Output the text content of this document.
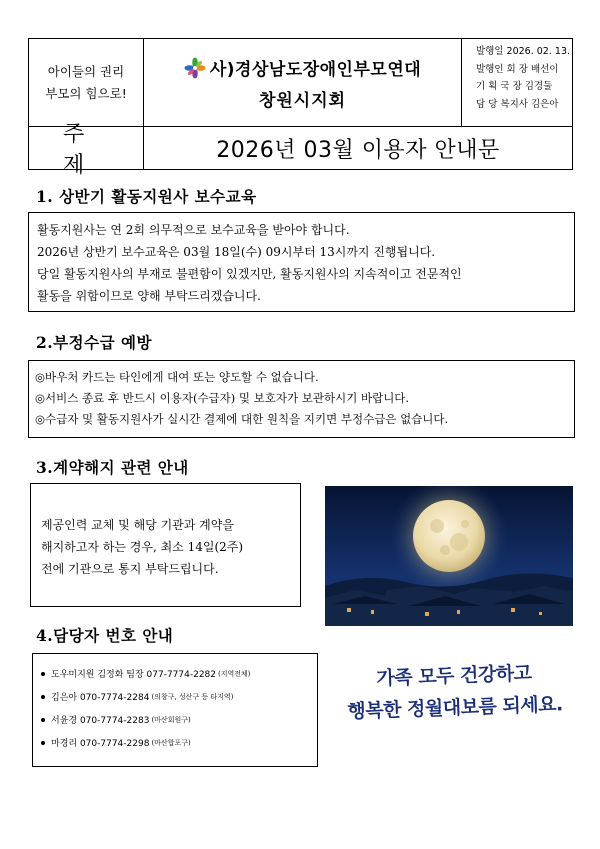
아이들의 권리
부모의 힘으로!
사)경상남도장애인부모연대
창원시지회
발행일 2026. 02. 13.
발행인 회 장 배선이
기 획 국 장 김경둘
담 당 복지사 김은아
주제
2026년 03월 이용자 안내문
1. 상반기 활동지원사 보수교육

활동지원사는 연 2회 의무적으로 보수교육을 받아야 합니다.

2026년 상반기 보수교육은 03월 18일(수) 09시부터 13시까지 진행됩니다.

당일 활동지원사의 부재로 불편함이 있겠지만, 활동지원사의 지속적이고 전문적인

활동을 위함이므로 양해 부탁드리겠습니다.

2.부정수급 예방

◎바우처 카드는 타인에게 대여 또는 양도할 수 없습니다.

◎서비스 종료 후 반드시 이용자(수급자) 및 보호자가 보관하시기 바랍니다.

◎수급자 및 활동지원사가 실시간 결제에 대한 원칙을 지키면 부정수급은 없습니다.

3.계약해지 관련 안내

제공인력 교체 및 해당 기관과 계약을

해지하고자 하는 경우, 최소 14일(2주)

전에 기관으로 통지 부탁드립니다.

4.담당자 번호 안내
도우미지원 김정화 팀장 077-7774-2282 (지역전체)
김은아 070-7774-2284 (의창구, 성산구 등 타지역)
서윤경 070-7774-2283 (마산회원구)
마경리 070-7774-2298 (마산합포구)
가족 모두 건강하고
행복한 정월대보름 되세요.
